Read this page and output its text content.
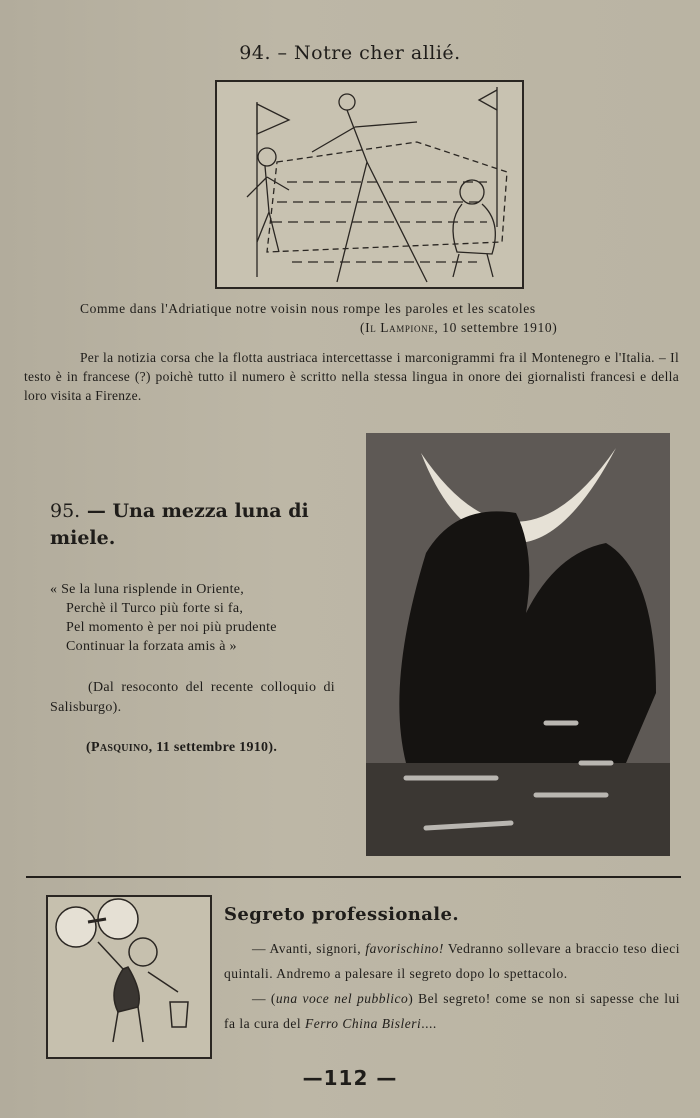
94. – Notre cher allié.
Comme dans l'Adriatique notre voisin nous rompe les paroles et les scatoles
(Il Lampione, 10 settembre 1910)
Per la notizia corsa che la flotta austriaca intercettasse i marconigrammi fra il Montenegro e l'Italia. – Il testo è in francese (?) poichè tutto il numero è scritto nella stessa lingua in onore dei giornalisti francesi e della loro visita a Firenze.
95. — Una mezza luna di miele.
« Se la luna risplende in Oriente,
Perchè il Turco più forte si fa,
Pel momento è per noi più prudente
Continuar la forzata amis à »
(Dal resoconto del recente colloquio di Salisburgo).
(Pasquino, 11 settembre 1910).
Segreto professionale.

— Avanti, signori, favorischino! Vedranno sollevare a braccio teso dieci quintali. Andremo a palesare il segreto dopo lo spettacolo.

— (una voce nel pubblico) Bel segreto! come se non si sapesse che lui fa la cura del Ferro China Bisleri....

—112 —
